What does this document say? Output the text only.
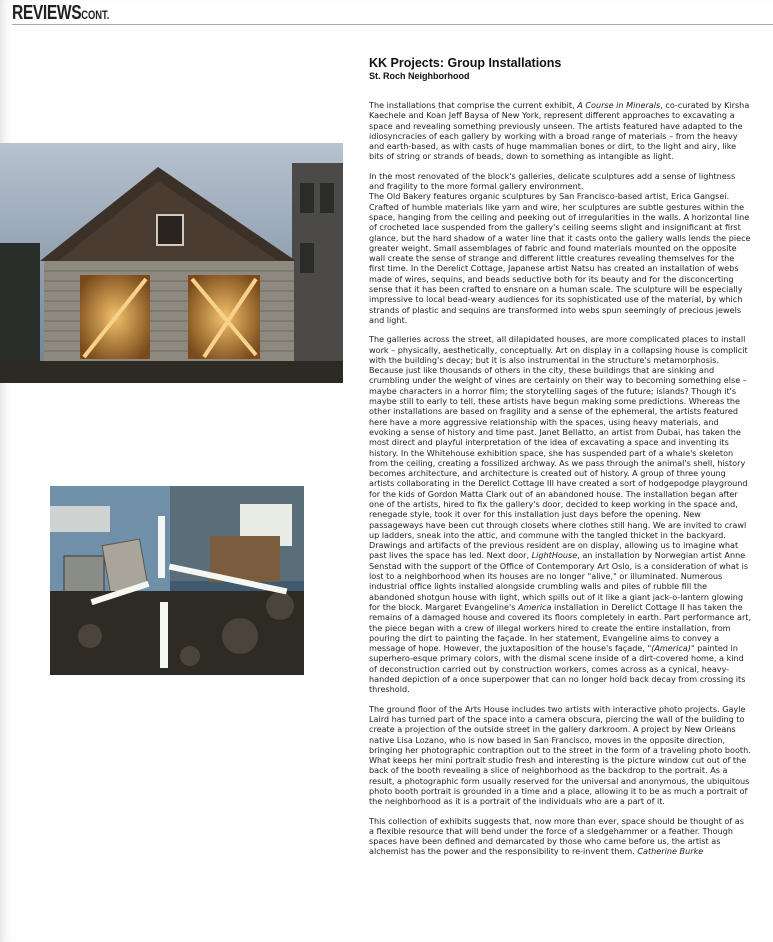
REVIEWSCONT.
KK Projects: Group Installations
St. Roch Neighborhood

The installations that comprise the current exhibit, A Course in Minerals, co-curated by Kirsha Kaechele and Koan Jeff Baysa of New York, represent different approaches to excavating a space and revealing something previously unseen. The artists featured have adapted to the idiosyncracies of each gallery by working with a broad range of materials – from the heavy and earth-based, as with casts of huge mammalian bones or dirt, to the light and airy, like bits of string or strands of beads, down to something as intangible as light.

In the most renovated of the block's galleries, delicate sculptures add a sense of lightness and fragility to the more formal gallery environment.

The Old Bakery features organic sculptures by San Francisco-based artist, Erica Gangsei. Crafted of humble materials like yarn and wire, her sculptures are subtle gestures within the space, hanging from the ceiling and peeking out of irregularities in the walls. A horizontal line of crocheted lace suspended from the gallery's ceiling seems slight and insignificant at first glance, but the hard shadow of a water line that it casts onto the gallery walls lends the piece greater weight. Small assemblages of fabric and found materials mounted on the opposite wall create the sense of strange and different little creatures revealing themselves for the first time. In the Derelict Cottage, Japanese artist Natsu has created an installation of webs made of wires, sequins, and beads seductive both for its beauty and for the disconcerting sense that it has been crafted to ensnare on a human scale. The sculpture will be especially impressive to local bead-weary audiences for its sophisticated use of the material, by which strands of plastic and sequins are transformed into webs spun seemingly of precious jewels and light.

The galleries across the street, all dilapidated houses, are more complicated places to install work – physically, aesthetically, conceptually. Art on display in a collapsing house is complicit with the building's decay; but it is also instrumental in the structure's metamorphosis. Because just like thousands of others in the city, these buildings that are sinking and crumbling under the weight of vines are certainly on their way to becoming something else – maybe characters in a horror film; the storytelling sages of the future; islands? Though it's maybe still to early to tell, these artists have begun making some predictions. Whereas the other installations are based on fragility and a sense of the ephemeral, the artists featured here have a more aggressive relationship with the spaces, using heavy materials, and evoking a sense of history and time past. Janet Bellatto, an artist from Dubai, has taken the most direct and playful interpretation of the idea of excavating a space and inventing its history. In the Whitehouse exhibition space, she has suspended part of a whale's skeleton from the ceiling, creating a fossilized archway. As we pass through the animal's shell, history becomes architecture, and architecture is created out of history. A group of three young artists collaborating in the Derelict Cottage III have created a sort of hodgepodge playground for the kids of Gordon Matta Clark out of an abandoned house. The installation began after one of the artists, hired to fix the gallery's door, decided to keep working in the space and, renegade style, took it over for this installation just days before the opening. New passageways have been cut through closets where clothes still hang. We are invited to crawl up ladders, sneak into the attic, and commune with the tangled thicket in the backyard. Drawings and artifacts of the previous resident are on display, allowing us to imagine what past lives the space has led. Next door, LightHouse, an installation by Norwegian artist Anne Senstad with the support of the Office of Contemporary Art Oslo, is a consideration of what is lost to a neighborhood when its houses are no longer "alive," or illuminated. Numerous industrial office lights installed alongside crumbling walls and piles of rubble fill the abandoned shotgun house with light, which spills out of it like a giant jack-o-lantern glowing for the block. Margaret Evangeline's America installation in Derelict Cottage II has taken the remains of a damaged house and covered its floors completely in earth. Part performance art, the piece began with a crew of illegal workers hired to create the entire installation, from pouring the dirt to painting the façade. In her statement, Evangeline aims to convey a message of hope. However, the juxtaposition of the house's façade, "(America)" painted in superhero-esque primary colors, with the dismal scene inside of a dirt-covered home, a kind of deconstruction carried out by construction workers, comes across as a cynical, heavy-handed depiction of a once superpower that can no longer hold back decay from crossing its threshold.

The ground floor of the Arts House includes two artists with interactive photo projects. Gayle Laird has turned part of the space into a camera obscura, piercing the wall of the building to create a projection of the outside street in the gallery darkroom. A project by New Orleans native Lisa Lozano, who is now based in San Francisco, moves in the opposite direction, bringing her photographic contraption out to the street in the form of a traveling photo booth. What keeps her mini portrait studio fresh and interesting is the picture window cut out of the back of the booth revealing a slice of neighborhood as the backdrop to the portrait. As a result, a photographic form usually reserved for the universal and anonymous, the ubiquitous photo booth portrait is grounded in a time and a place, allowing it to be as much a portrait of the neighborhood as it is a portrait of the individuals who are a part of it.

This collection of exhibits suggests that, now more than ever, space should be thought of as a flexible resource that will bend under the force of a sledgehammer or a feather. Though spaces have been defined and demarcated by those who came before us, the artist as alchemist has the power and the responsibility to re-invent them. Catherine Burke
